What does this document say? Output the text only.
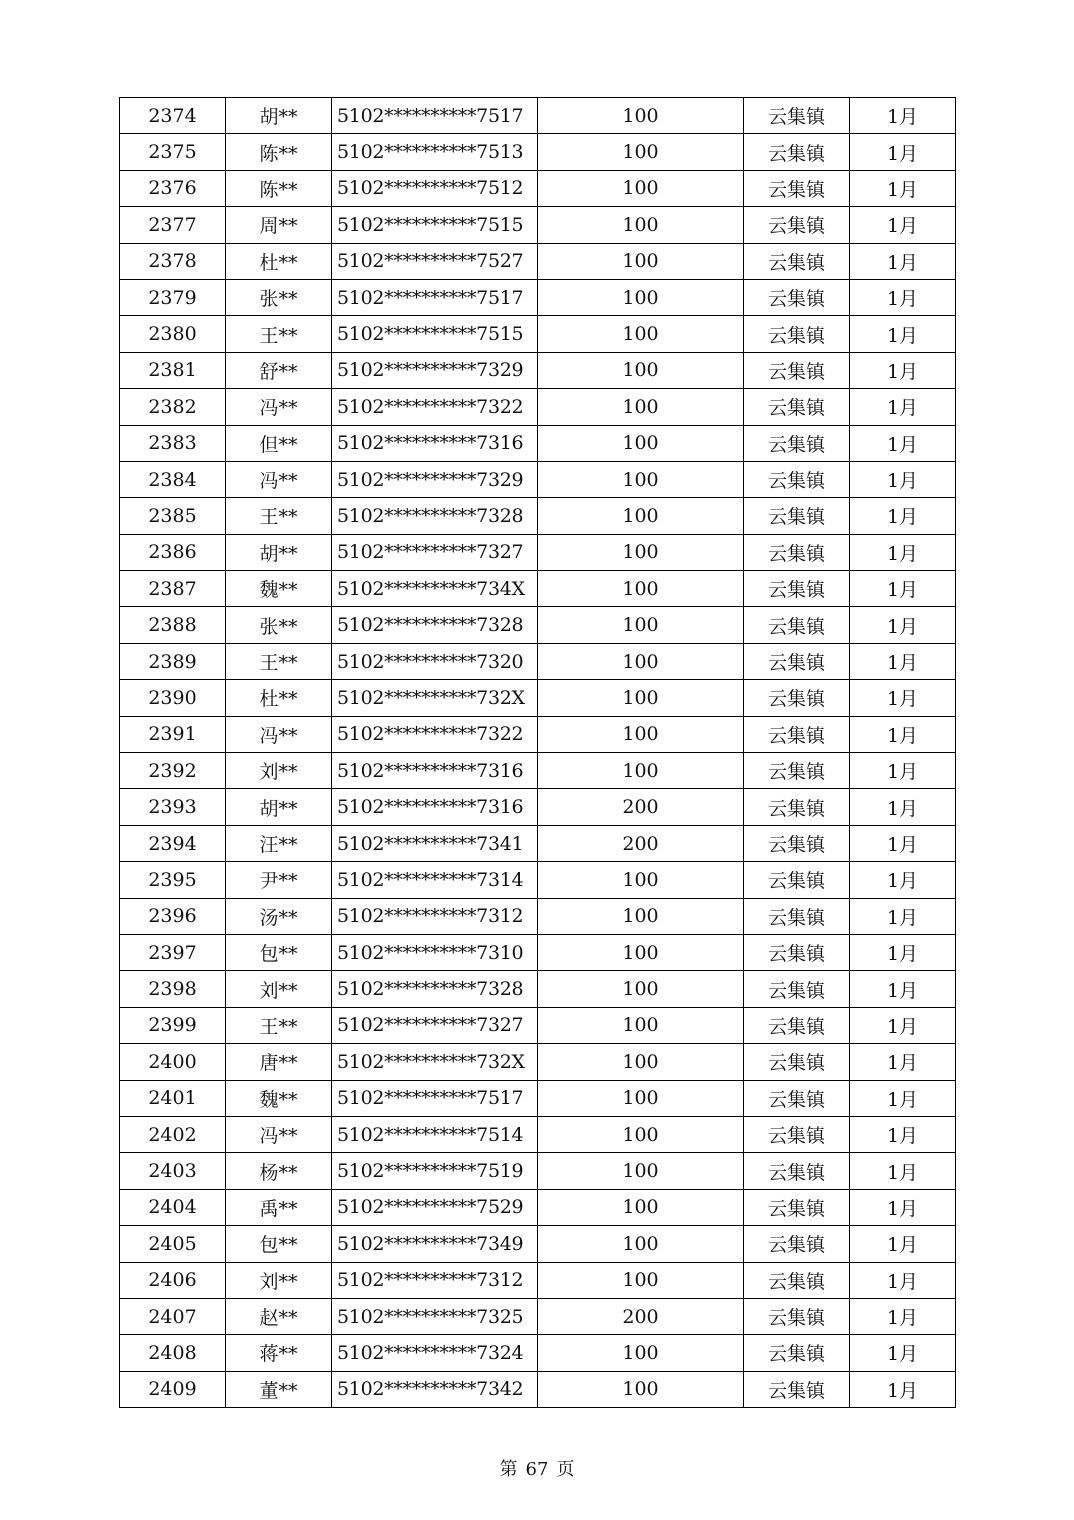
2374	胡**	5102**********7517	100	云集镇	1月
2375	陈**	5102**********7513	100	云集镇	1月
2376	陈**	5102**********7512	100	云集镇	1月
2377	周**	5102**********7515	100	云集镇	1月
2378	杜**	5102**********7527	100	云集镇	1月
2379	张**	5102**********7517	100	云集镇	1月
2380	王**	5102**********7515	100	云集镇	1月
2381	舒**	5102**********7329	100	云集镇	1月
2382	冯**	5102**********7322	100	云集镇	1月
2383	但**	5102**********7316	100	云集镇	1月
2384	冯**	5102**********7329	100	云集镇	1月
2385	王**	5102**********7328	100	云集镇	1月
2386	胡**	5102**********7327	100	云集镇	1月
2387	魏**	5102**********734X	100	云集镇	1月
2388	张**	5102**********7328	100	云集镇	1月
2389	王**	5102**********7320	100	云集镇	1月
2390	杜**	5102**********732X	100	云集镇	1月
2391	冯**	5102**********7322	100	云集镇	1月
2392	刘**	5102**********7316	100	云集镇	1月
2393	胡**	5102**********7316	200	云集镇	1月
2394	汪**	5102**********7341	200	云集镇	1月
2395	尹**	5102**********7314	100	云集镇	1月
2396	汤**	5102**********7312	100	云集镇	1月
2397	包**	5102**********7310	100	云集镇	1月
2398	刘**	5102**********7328	100	云集镇	1月
2399	王**	5102**********7327	100	云集镇	1月
2400	唐**	5102**********732X	100	云集镇	1月
2401	魏**	5102**********7517	100	云集镇	1月
2402	冯**	5102**********7514	100	云集镇	1月
2403	杨**	5102**********7519	100	云集镇	1月
2404	禹**	5102**********7529	100	云集镇	1月
2405	包**	5102**********7349	100	云集镇	1月
2406	刘**	5102**********7312	100	云集镇	1月
2407	赵**	5102**********7325	200	云集镇	1月
2408	蒋**	5102**********7324	100	云集镇	1月
2409	董**	5102**********7342	100	云集镇	1月
第 67 页
